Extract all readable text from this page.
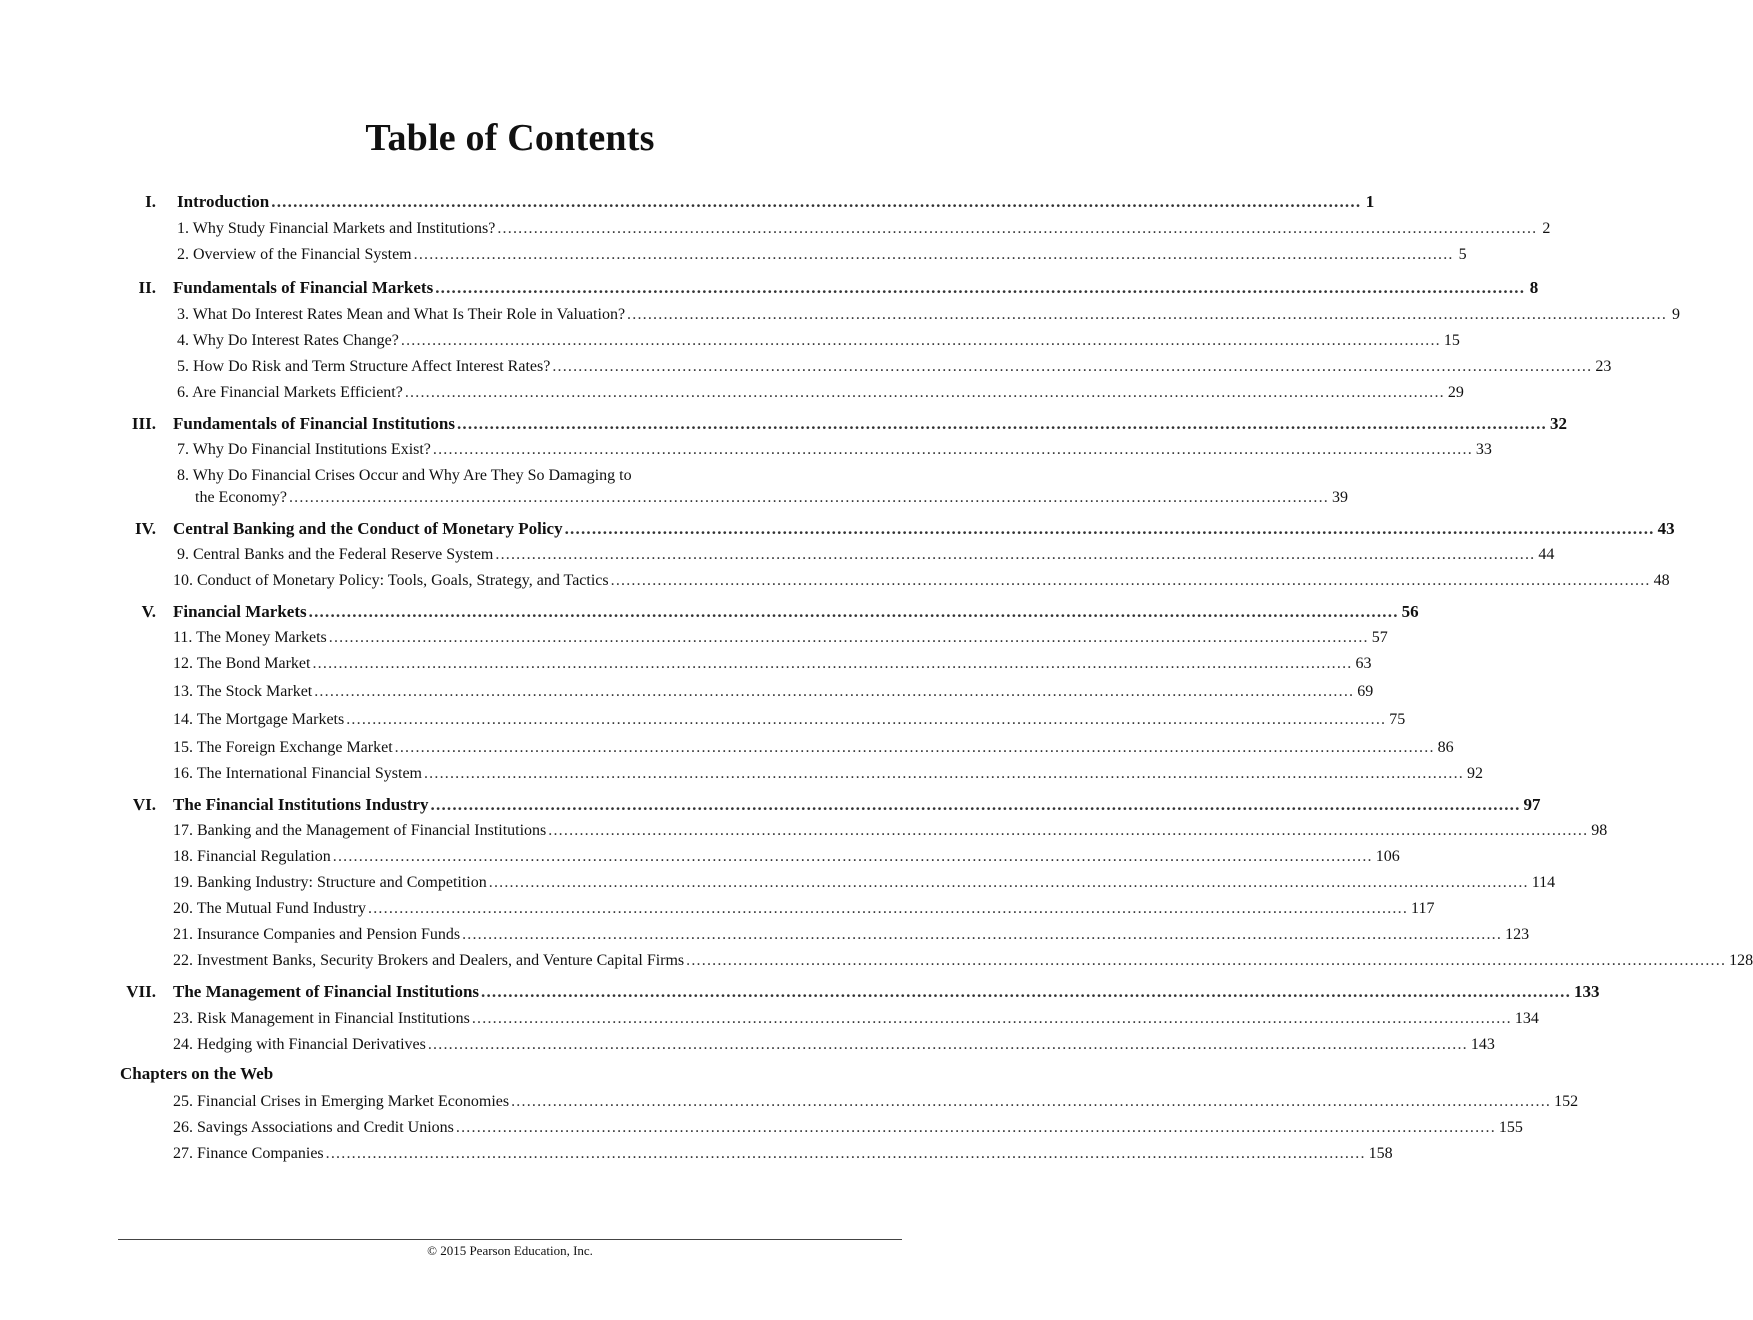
Table of Contents
I. Introduction ........................................................................................................................................................................................................ 1
1. Why Study Financial Markets and Institutions? ........................................................................................................................................................................................................ 2
2. Overview of the Financial System ........................................................................................................................................................................................................ 5
II. Fundamentals of Financial Markets ........................................................................................................................................................................................................ 8
3. What Do Interest Rates Mean and What Is Their Role in Valuation? ........................................................................................................................................................................................................ 9
4. Why Do Interest Rates Change? ........................................................................................................................................................................................................ 15
5. How Do Risk and Term Structure Affect Interest Rates? ........................................................................................................................................................................................................ 23
6. Are Financial Markets Efficient? ........................................................................................................................................................................................................ 29
III. Fundamentals of Financial Institutions ........................................................................................................................................................................................................ 32
7. Why Do Financial Institutions Exist? ........................................................................................................................................................................................................ 33
8. Why Do Financial Crises Occur and Why Are They So Damaging to
the Economy? ........................................................................................................................................................................................................ 39
IV. Central Banking and the Conduct of Monetary Policy ........................................................................................................................................................................................................ 43
9. Central Banks and the Federal Reserve System ........................................................................................................................................................................................................ 44
10. Conduct of Monetary Policy: Tools, Goals, Strategy, and Tactics ........................................................................................................................................................................................................ 48
V. Financial Markets ........................................................................................................................................................................................................ 56
11. The Money Markets ........................................................................................................................................................................................................ 57
12. The Bond Market ........................................................................................................................................................................................................ 63
13. The Stock Market ........................................................................................................................................................................................................ 69
14. The Mortgage Markets ........................................................................................................................................................................................................ 75
15. The Foreign Exchange Market ........................................................................................................................................................................................................ 86
16. The International Financial System ........................................................................................................................................................................................................ 92
VI. The Financial Institutions Industry ........................................................................................................................................................................................................ 97
17. Banking and the Management of Financial Institutions ........................................................................................................................................................................................................ 98
18. Financial Regulation ........................................................................................................................................................................................................ 106
19. Banking Industry: Structure and Competition ........................................................................................................................................................................................................ 114
20. The Mutual Fund Industry ........................................................................................................................................................................................................ 117
21. Insurance Companies and Pension Funds ........................................................................................................................................................................................................ 123
22. Investment Banks, Security Brokers and Dealers, and Venture Capital Firms ........................................................................................................................................................................................................ 128
VII. The Management of Financial Institutions ........................................................................................................................................................................................................ 133
23. Risk Management in Financial Institutions ........................................................................................................................................................................................................ 134
24. Hedging with Financial Derivatives ........................................................................................................................................................................................................ 143
Chapters on the Web
25. Financial Crises in Emerging Market Economies ........................................................................................................................................................................................................ 152
26. Savings Associations and Credit Unions ........................................................................................................................................................................................................ 155
27. Finance Companies ........................................................................................................................................................................................................ 158
© 2015 Pearson Education, Inc.
